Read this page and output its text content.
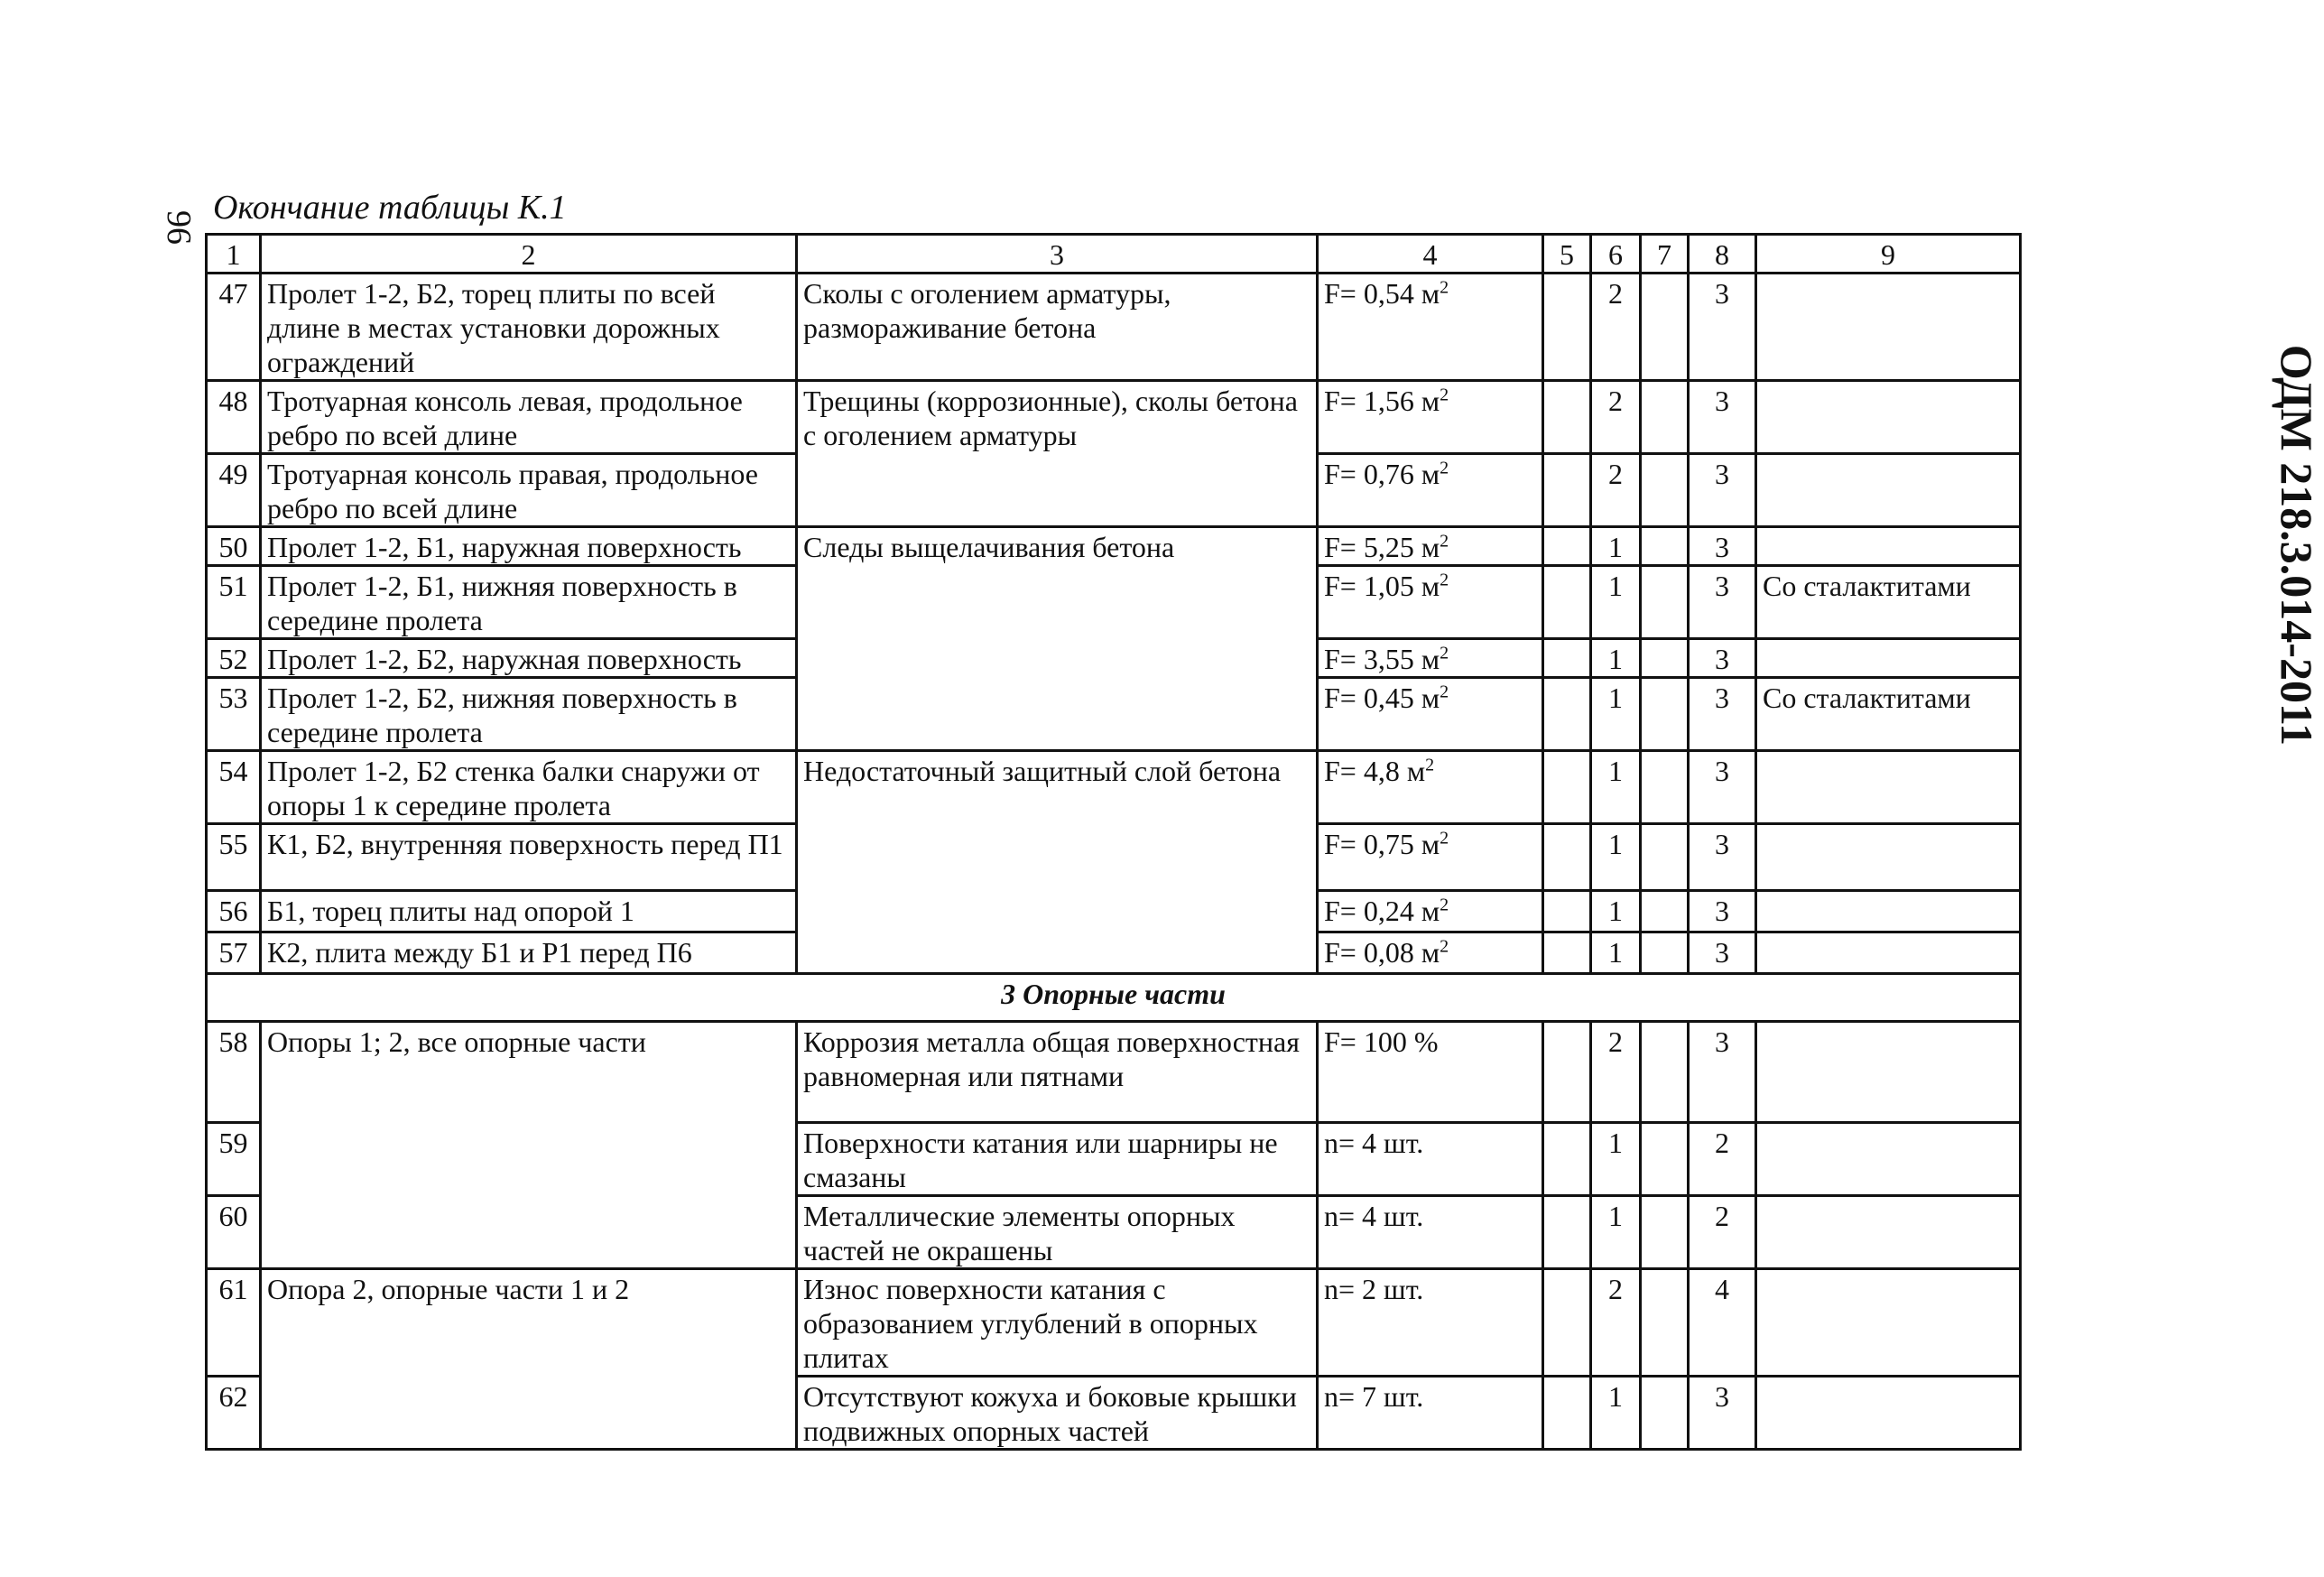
96
Окончание таблицы К.1
ОДМ 218.3.014-2011
1	2	3	4	5	6	7	8	9
47	Пролет 1-2, Б2, торец плиты по всей длине в местах установки дорожных ограждений	Сколы с оголением арматуры, размораживание бетона	F= 0,54 $м^2$		2		3	
48	Тротуарная консоль левая, продольное ребро по всей длине	Трещины (коррозионные), сколы бетона с оголением арматуры	F= 1,56 $м^2$		2		3	
49	Тротуарная консоль правая, продольное ребро по всей длине		F= 0,76 $м^2$		2		3	
50	Пролет 1-2, Б1, наружная поверхность	Следы выщелачивания бетона	F= 5,25 $м^2$		1		3	
51	Пролет 1-2, Б1, нижняя поверхность в середине пролета		F= 1,05 $м^2$		1		3	Со сталактитами
52	Пролет 1-2, Б2, наружная поверхность		F= 3,55 $м^2$		1		3	
53	Пролет 1-2, Б2, нижняя поверхность в середине пролета		F= 0,45 $м^2$		1		3	Со сталактитами
54	Пролет 1-2, Б2 стенка балки снаружи от опоры 1 к середине пролета	Недостаточный защитный слой бетона	F= 4,8 $м^2$		1		3	
55	К1, Б2, внутренняя поверхность перед П1		F= 0,75 $м^2$		1		3	
56	Б1, торец плиты над опорой 1		F= 0,24 $м^2$		1		3	
57	К2, плита между Б1 и Р1 перед П6		F= 0,08 $м^2$		1		3	
3 Опорные части								
58	Опоры 1; 2, все опорные части	Коррозия металла общая поверхностная равномерная или пятнами	F= 100 %		2		3	
59		Поверхности катания или шарниры не смазаны	n= 4 шт.		1		2	
60		Металлические элементы опорных частей не окрашены	n= 4 шт.		1		2	
61	Опора 2, опорные части 1 и 2	Износ поверхности катания с образованием углублений в опорных плитах	n= 2 шт.		2		4	
62		Отсутствуют кожуха и боковые крышки подвижных опорных частей	n= 7 шт.		1		3	
